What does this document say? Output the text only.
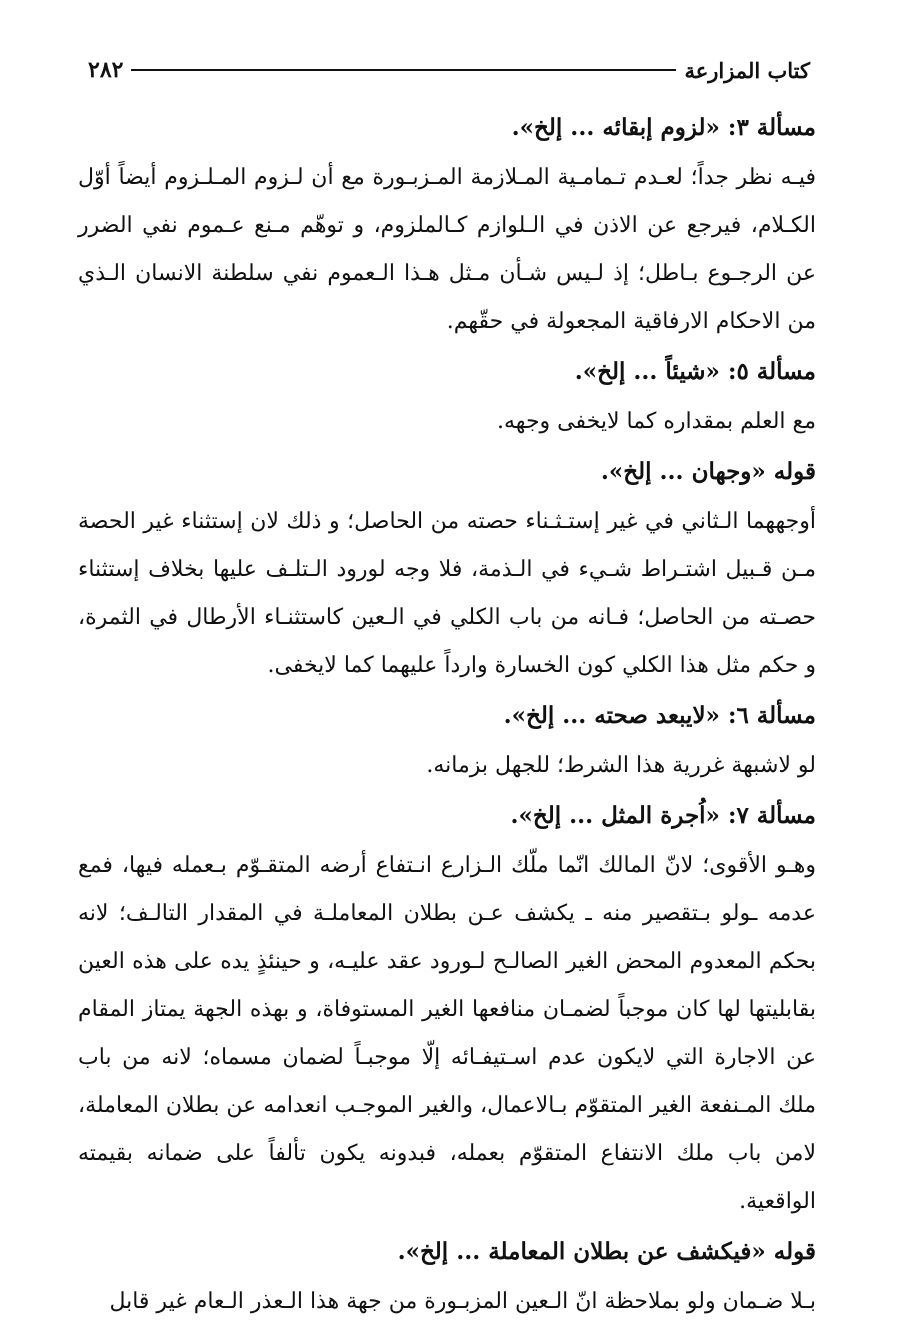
كتاب المزارعة
٢٨٢
مسألة ٣: «لزوم إبقائه ... إلخ».

فيـه نظر جداً؛ لعـدم تـمامـية المـلازمة المـزبـورة مع أن لـزوم المـلـزوم أيضاً أوّل الكـلام، فيرجع عن الاذن في الـلوازم كـالملزوم، و توهّم مـنع عـموم نفي الضرر عن الرجـوع بـاطل؛ إذ لـيس شـأن مـثل هـذا الـعموم نفي سلطنة الانسان الـذي من الاحكام الارفاقية المجعولة في حقّهم.

مسألة ٥: «شيئاً ... إلخ».

مع العلم بمقداره كما لايخفى وجهه.

قوله «وجهان ... إلخ».

أوجههما الـثاني في غير إستـثـناء حصته من الحاصل؛ و ذلك لان إستثناء غير الحصة مـن قـبيل اشتـراط شـيء في الـذمة، فلا وجه لورود الـتلـف عليها بخلاف إستثناء حصـته من الحاصل؛ فـانه من باب الكلي في الـعين كاستثنـاء الأرطال في الثمرة، و حكم مثل هذا الكلي كون الخسارة وارداً عليهما كما لايخفى.

مسألة ٦: «لايبعد صحته ... إلخ».

لو لاشبهة غررية هذا الشرط؛ للجهل بزمانه.

مسألة ٧: «اُجرة المثل ... إلخ».

وهـو الأقوى؛ لانّ المالك انّما ملّك الـزارع انـتفاع أرضه المتقـوّم بـعمله فيها، فمع عدمه ـولو بـتقصير منه ـ يكشف عـن بطلان المعاملـة في المقدار التالـف؛ لانه بحكم المعدوم المحض الغير الصالـح لـورود عقد عليـه، و حينئذٍ يده على هذه العين بقابليتها لها كان موجباً لضمـان منافعها الغير المستوفاة، و بهذه الجهة يمتاز المقام عن الاجارة التي لايكون عدم اسـتيفـائه إلّا موجبـاً لضمان مسماه؛ لانه من باب ملك المـنفعة الغير المتقوّم بـالاعمال، والغير الموجـب انعدامه عن بطلان المعاملة، لامن باب ملك الانتفاع المتقوّم بعمله، فبدونه يكون تألفاً على ضمانه بقيمته الواقعية.

قوله «فيكشف عن بطلان المعاملة ... إلخ».

بـلا ضـمان ولو بملاحظة انّ الـعين المزبـورة من جهة هذا الـعذر الـعام غير قابل
